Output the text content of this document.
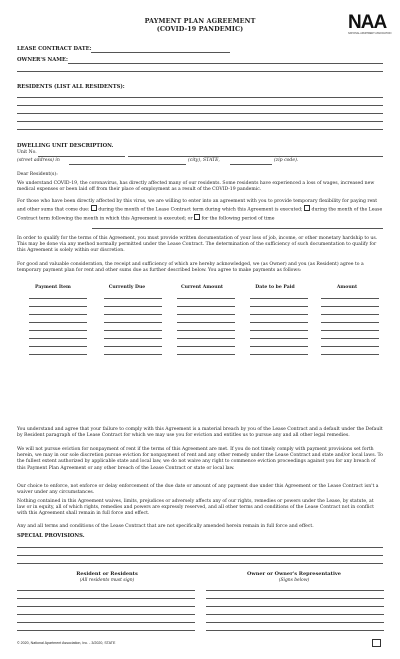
PAYMENT PLAN AGREEMENT
(COVID-19 PANDEMIC)	NAA
NATIONAL APARTMENT ASSOCIATION
LEASE CONTRACT DATE:
OWNER'S NAME:
RESIDENTS (LIST ALL RESIDENTS):
DWELLING UNIT DESCRIPTION.
Unit No.
(street address) in	(city), STATE,	(zip code).
Dear Resident(s):
We understand COVID-19, the coronavirus, has directly affected many of our residents. Some residents have experienced a loss of wages, increased new medical expenses or been laid off from their place of employment as a result of the COVID-19 pandemic.
For those who have been directly affected by this virus, we are willing to enter into an agreement with you to provide temporary flexibility for paying rent and other sums that come due: during the month of the Lease Contract term during which this Agreement is executed; during the month of the Lease Contract term following the month in which this Agreement is executed; or for the following period of time
In order to qualify for the terms of this Agreement, you must provide written documentation of your loss of job, income, or other monetary hardship to us. This may be done via any method normally permitted under the Lease Contract. The determination of the sufficiency of such documentation to qualify for this Agreement is solely within our discretion.
For good and valuable consideration, the receipt and sufficiency of which are hereby acknowledged, we (as Owner) and you (as Resident) agree to a temporary payment plan for rent and other sums due as further described below. You agree to make payments as follows:
Payment Item	Currently Due	Current Amount	Date to be Paid	Amount
You understand and agree that your failure to comply with this Agreement is a material breach by you of the Lease Contract and a default under the Default by Resident paragraph of the Lease Contract for which we may use you for eviction and entitles us to pursue any and all other legal remedies.
We will not pursue eviction for nonpayment of rent if the terms of this Agreement are met. If you do not timely comply with payment provisions set forth herein, we may in our sole discretion pursue eviction for nonpayment of rent and any other remedy under the Lease Contract and state and/or local laws. To the fullest extent authorized by applicable state and local law, we do not waive any right to commence eviction proceedings against you for any breach of this Payment Plan Agreement or any other breach of the Lease Contract or state or local law.
Our choice to enforce, not enforce or delay enforcement of the due date or amount of any payment due under this Agreement or the Lease Contract isn't a waiver under any circumstances.
Nothing contained in this Agreement waives, limits, prejudices or adversely affects any of our rights, remedies or powers under the Lease, by statute, at law or in equity, all of which rights, remedies and powers are expressly reserved, and all other terms and conditions of the Lease Contract not in conflict with this Agreement shall remain in full force and effect.
Any and all terms and conditions of the Lease Contract that are not specifically amended herein remain in full force and effect.
SPECIAL PROVISIONS.
Resident or Residents
(All residents must sign)
Owner or Owner's Representative
(Signs below)
© 2020, National Apartment Association, Inc. - 3/2020, STATE
